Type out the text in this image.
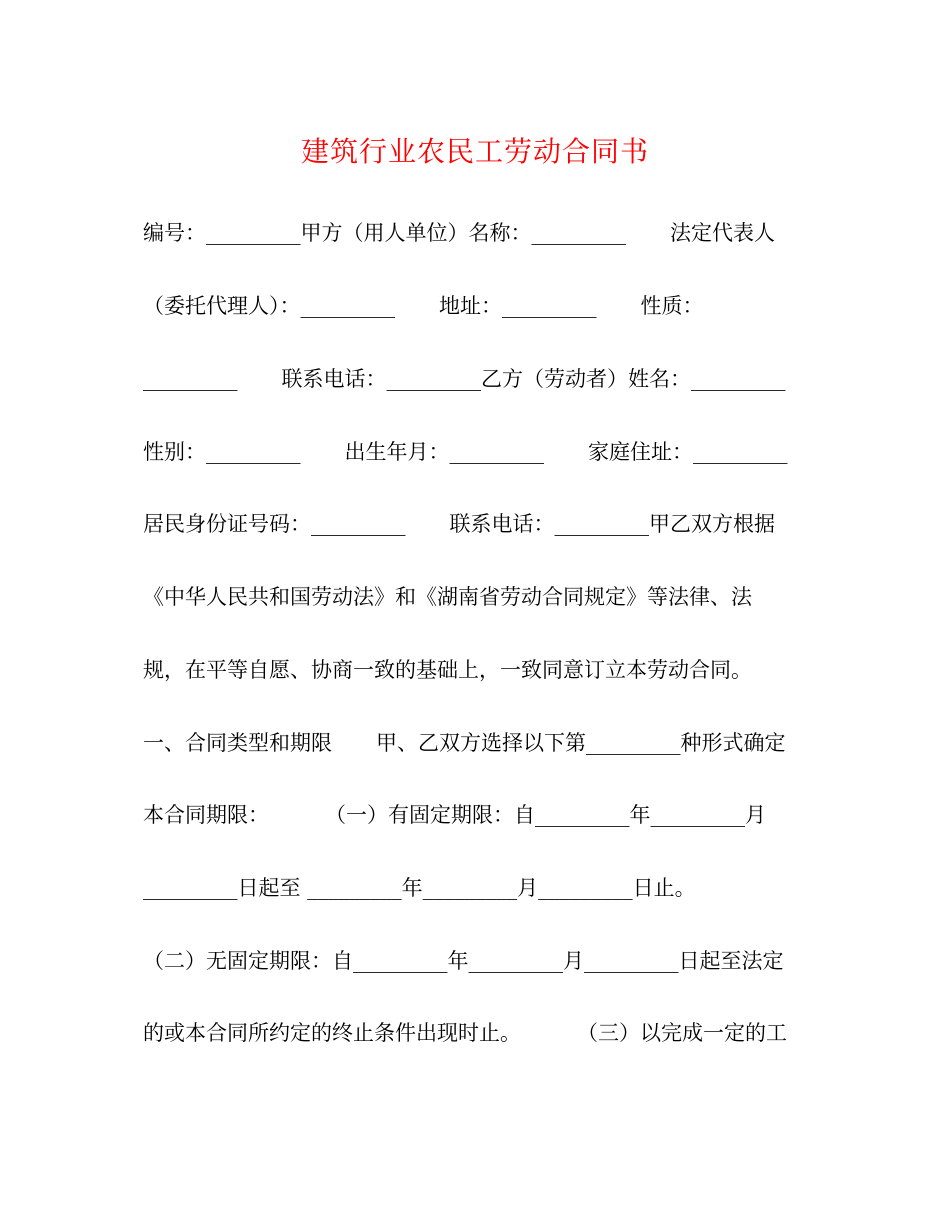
建筑行业农民工劳动合同书
编号：_________甲方（用人单位）名称：_________ 法定代表人
（委托代理人）：_________ 地址：_________ 性质：
_________ 联系电话：_________乙方（劳动者）姓名：_________
性别：_________ 出生年月：_________ 家庭住址：_________
居民身份证号码：_________ 联系电话：_________甲乙双方根据
《中华人民共和国劳动法》和《湖南省劳动合同规定》等法律、法
规，在平等自愿、协商一致的基础上，一致同意订立本劳动合同。
一、合同类型和期限 甲、乙双方选择以下第_________种形式确定
本合同期限：	（一）有固定期限：自_________年_________月
_________日起至 _________年_________月_________日止。
（二）无固定期限：自_________年_________月_________日起至法定
的或本合同所约定的终止条件出现时止。	（三）以完成一定的工
